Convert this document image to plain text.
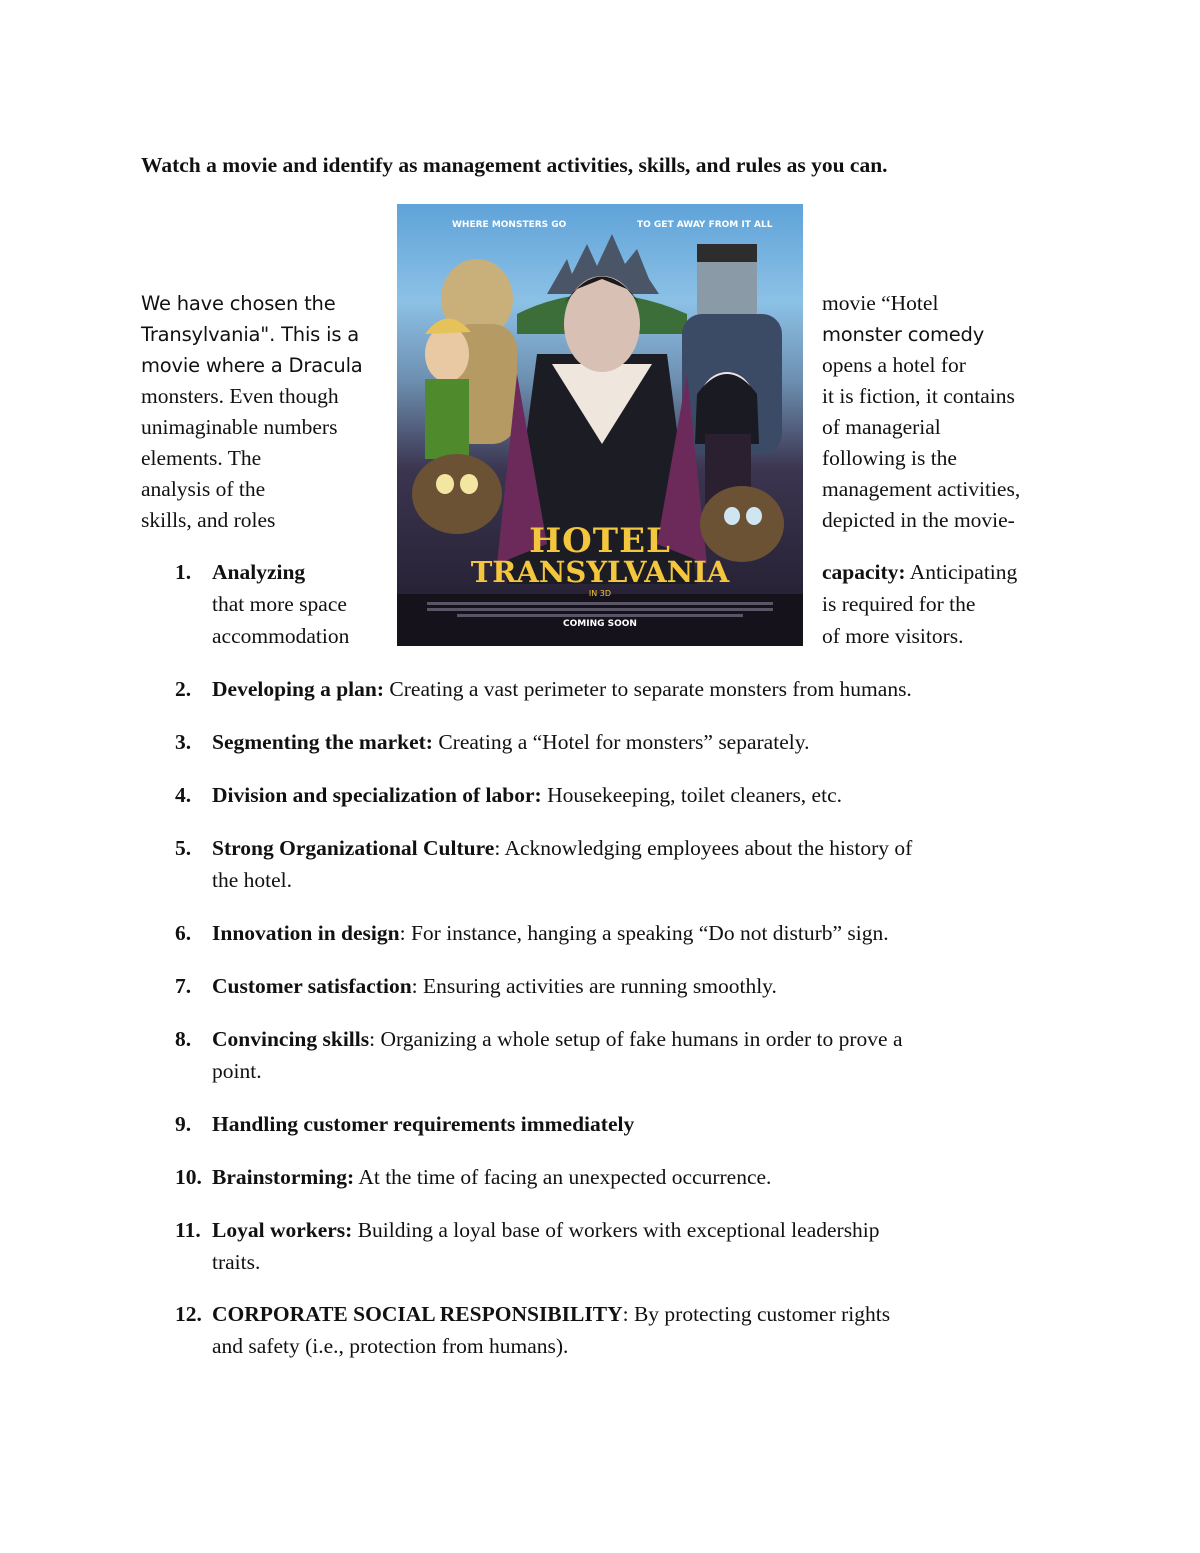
Watch a movie and identify as management activities, skills, and rules as you can.
We have chosen the
Transylvania". This is a
movie where a Dracula
monsters. Even though
unimaginable numbers
elements. The
analysis of the
skills, and roles
movie “Hotel
monster comedy
opens a hotel for
it is fiction, it contains
of managerial
following is the
management activities,
depicted in the movie-
WHERE MONSTERS GO	TO GET AWAY FROM IT ALL
HOTEL
TRANSYLVANIA
IN 3D
COMING SOON
1. Analyzing
that more space
accommodation
capacity: Anticipating
is required for the
of more visitors.
2. Developing a plan: Creating a vast perimeter to separate monsters from humans.
3. Segmenting the market: Creating a “Hotel for monsters” separately.
4. Division and specialization of labor: Housekeeping, toilet cleaners, etc.
5. Strong Organizational Culture: Acknowledging employees about the history of
the hotel.
6. Innovation in design: For instance, hanging a speaking “Do not disturb” sign.
7. Customer satisfaction: Ensuring activities are running smoothly.
8. Convincing skills: Organizing a whole setup of fake humans in order to prove a
point.
9. Handling customer requirements immediately
10. Brainstorming: At the time of facing an unexpected occurrence.
11. Loyal workers: Building a loyal base of workers with exceptional leadership
traits.
12. CORPORATE SOCIAL RESPONSIBILITY: By protecting customer rights
and safety (i.e., protection from humans).
